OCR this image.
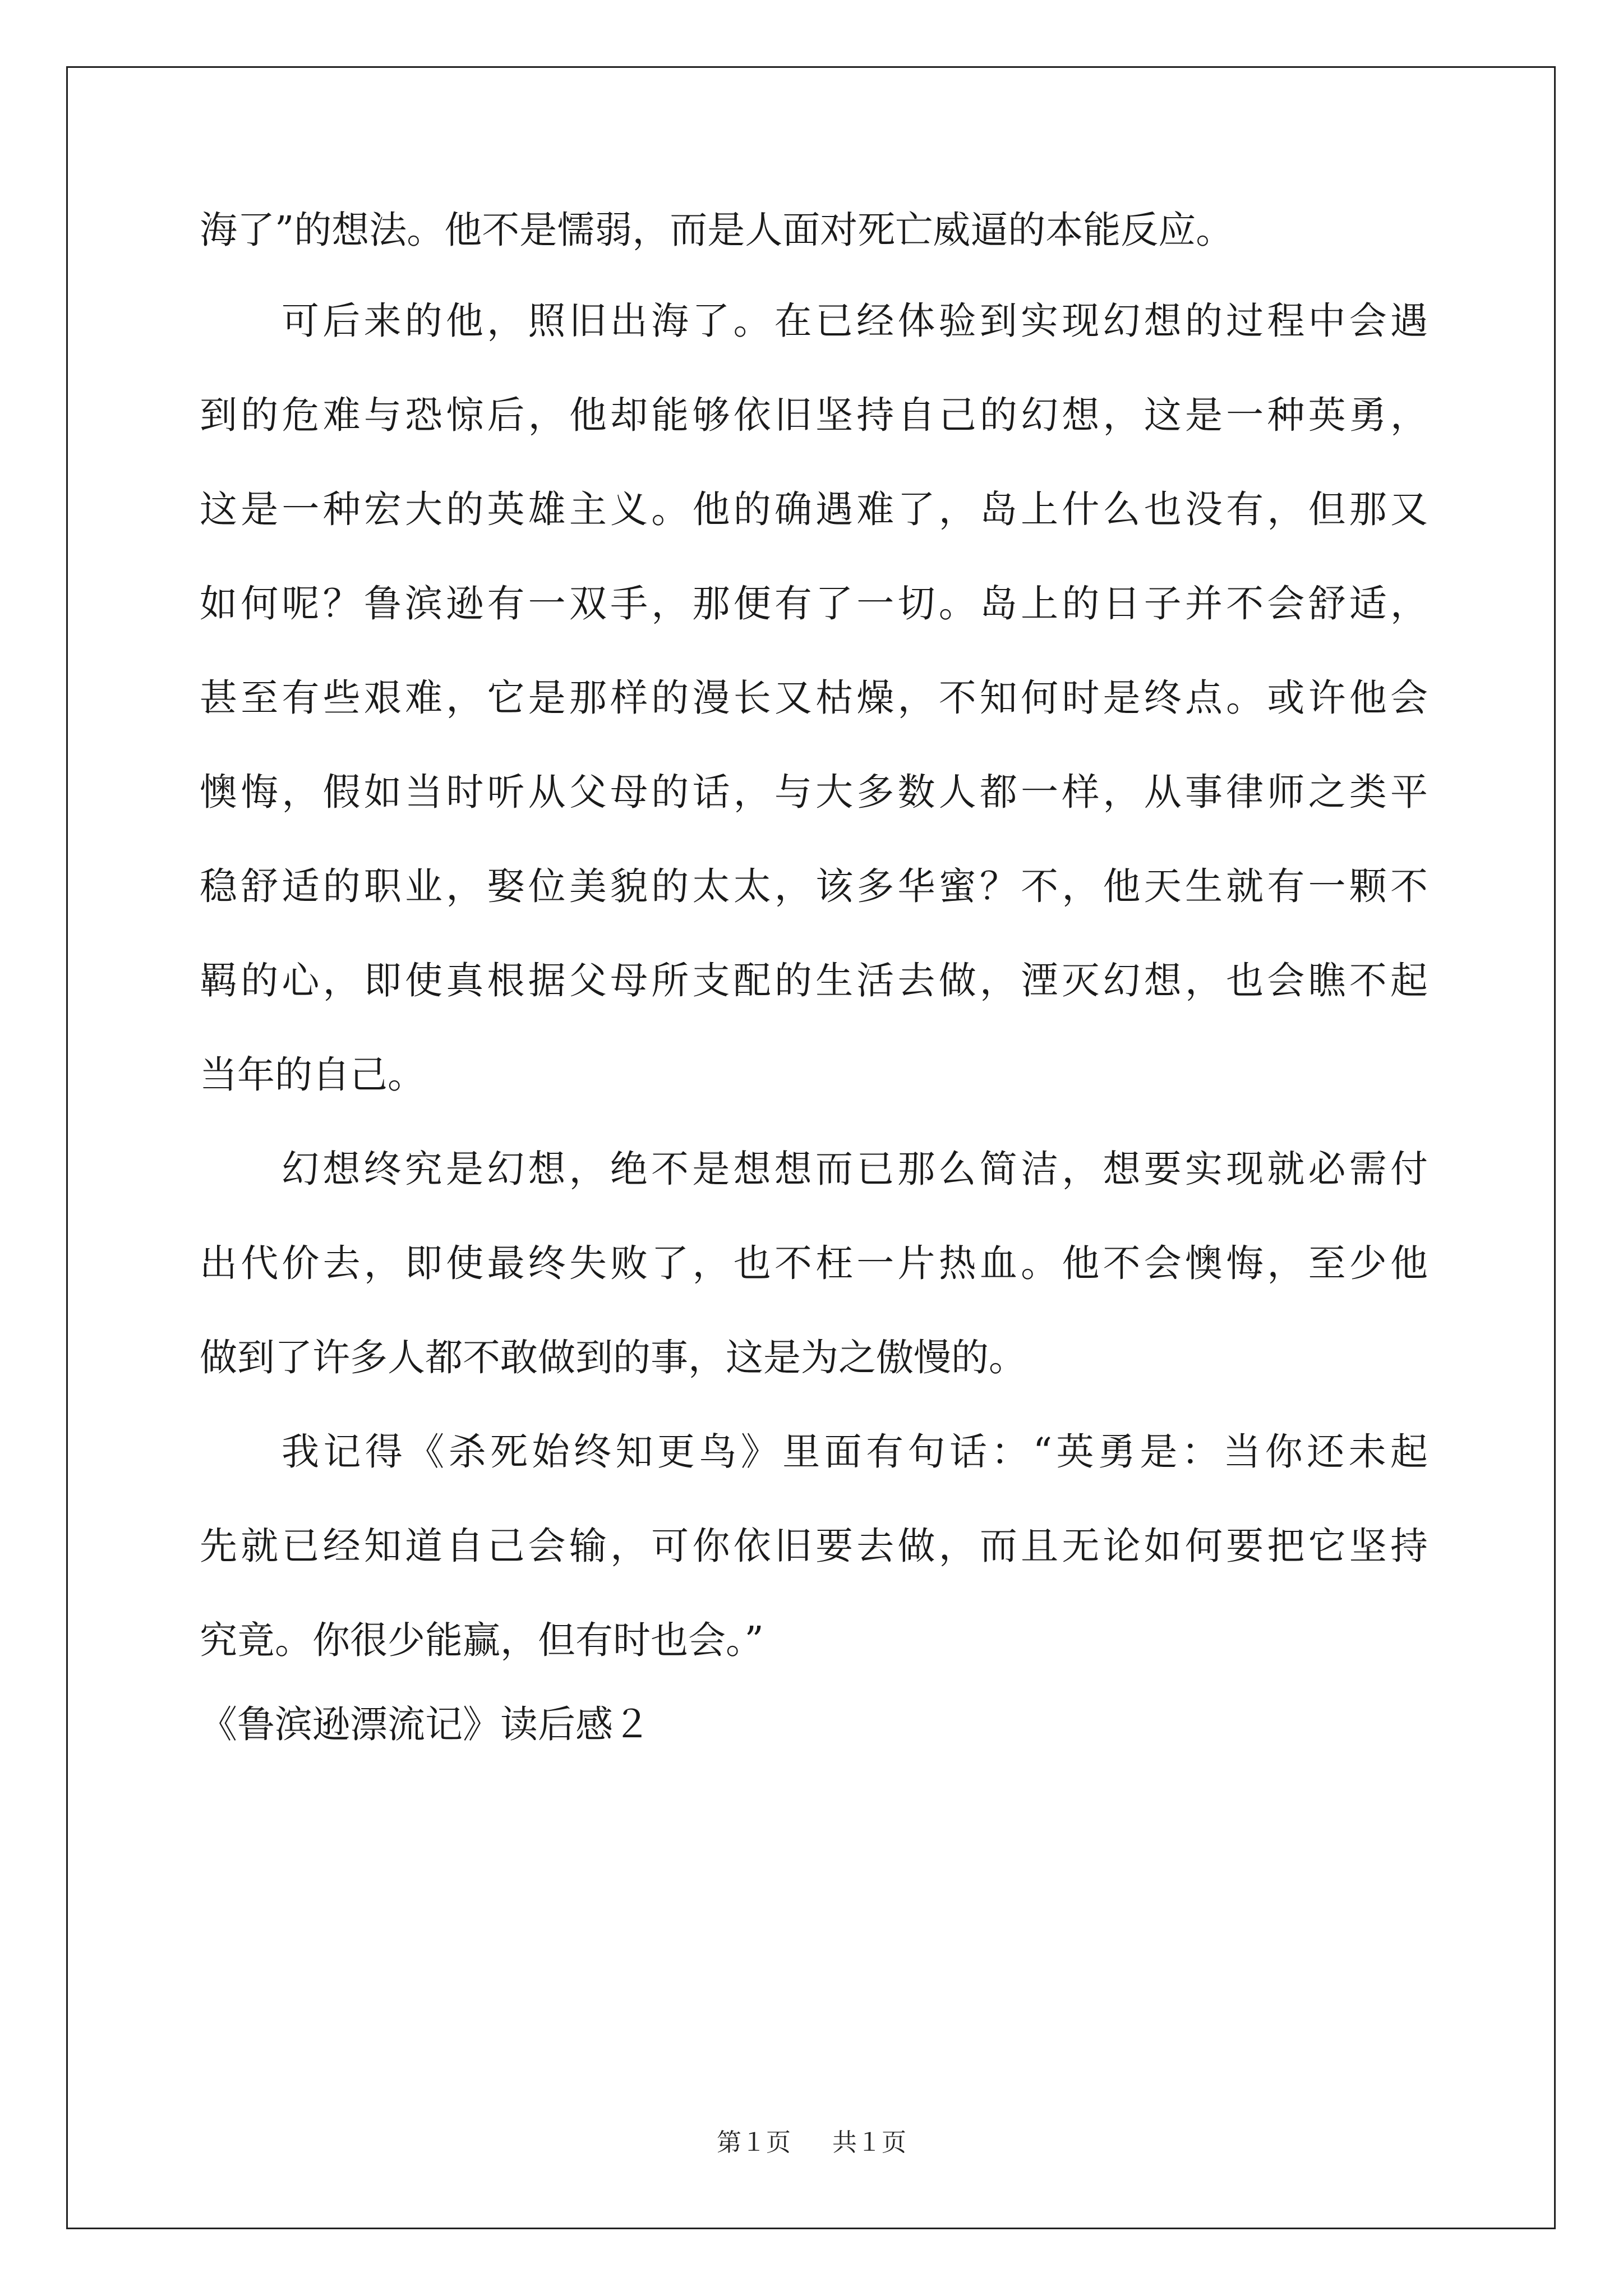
海了”的想法。他不是懦弱，而是人面对死亡威逼的本能反应。
可后来的他，照旧出海了。在已经体验到实现幻想的过程中会遇
到的危难与恐惊后，他却能够依旧坚持自己的幻想，这是一种英勇，
这是一种宏大的英雄主义。他的确遇难了，岛上什么也没有，但那又
如何呢？鲁滨逊有一双手，那便有了一切。岛上的日子并不会舒适，
甚至有些艰难，它是那样的漫长又枯燥，不知何时是终点。或许他会
懊悔，假如当时听从父母的话，与大多数人都一样，从事律师之类平
稳舒适的职业，娶位美貌的太太，该多华蜜？不，他天生就有一颗不
羁的心，即使真根据父母所支配的生活去做，湮灭幻想，也会瞧不起
当年的自己。
幻想终究是幻想，绝不是想想而已那么简洁，想要实现就必需付
出代价去，即使最终失败了，也不枉一片热血。他不会懊悔，至少他
做到了许多人都不敢做到的事，这是为之傲慢的。
我记得《杀死始终知更鸟》里面有句话：“英勇是：当你还未起
先就已经知道自己会输，可你依旧要去做，而且无论如何要把它坚持
究竟。你很少能赢，但有时也会。”
《鲁滨逊漂流记》读后感２
第１页 共１页
